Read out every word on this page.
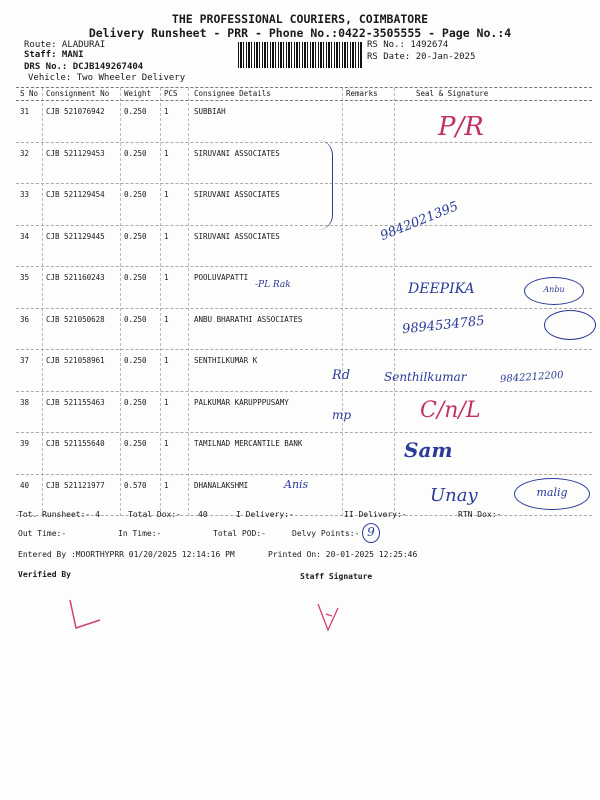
THE PROFESSIONAL COURIERS, COIMBATORE
Delivery Runsheet - PRR - Phone No.:0422-3505555 - Page No.:4
Route: ALADURAI
Staff: MANI
DRS No.: DCJB149267404
Vehicle: Two Wheeler Delivery
RS No.: 1492674
RS Date: 20-Jan-2025
S No Consignment No Weight PCS Consignee Details	Remarks	Seal & Signature
31 CJB 521076942	0.250 1	SUBBIAH
32 CJB 521129453	0.250 1	SIRUVANI ASSOCIATES
33 CJB 521129454	0.250 1	SIRUVANI ASSOCIATES
34 CJB 521129445	0.250 1	SIRUVANI ASSOCIATES
35 CJB 521160243	0.250 1	POOLUVAPATTI
36 CJB 521050628	0.250 1	ANBU BHARATHI ASSOCIATES
37 CJB 521058961	0.250 1	SENTHILKUMAR K
38 CJB 521155463	0.250 1	PALKUMAR KARUPPPUSAMY
39 CJB 521155640	0.250 1	TAMILNAD MERCANTILE BANK
40 CJB 521121977	0.570 1	DHANALAKSHMI
P/R
9842021395
-PL Rak	DEEPIKA	Anbu
9894534785
Rd	Senthilkumar	9842212200
mp	C/n/L
Sam
Anis
Unay	malig
Tot. Runsheet:- 4	Total Dox:- 40	I Delivery:-	II Delivery:-	RTN Dox:-
Out Time:-	In Time:-	Total POD:-	Delvy Points:- 9
Entered By :MOORTHYPRR 01/20/2025 12:14:16 PM	Printed On: 20-01-2025 12:25:46
Verified By	Staff Signature
